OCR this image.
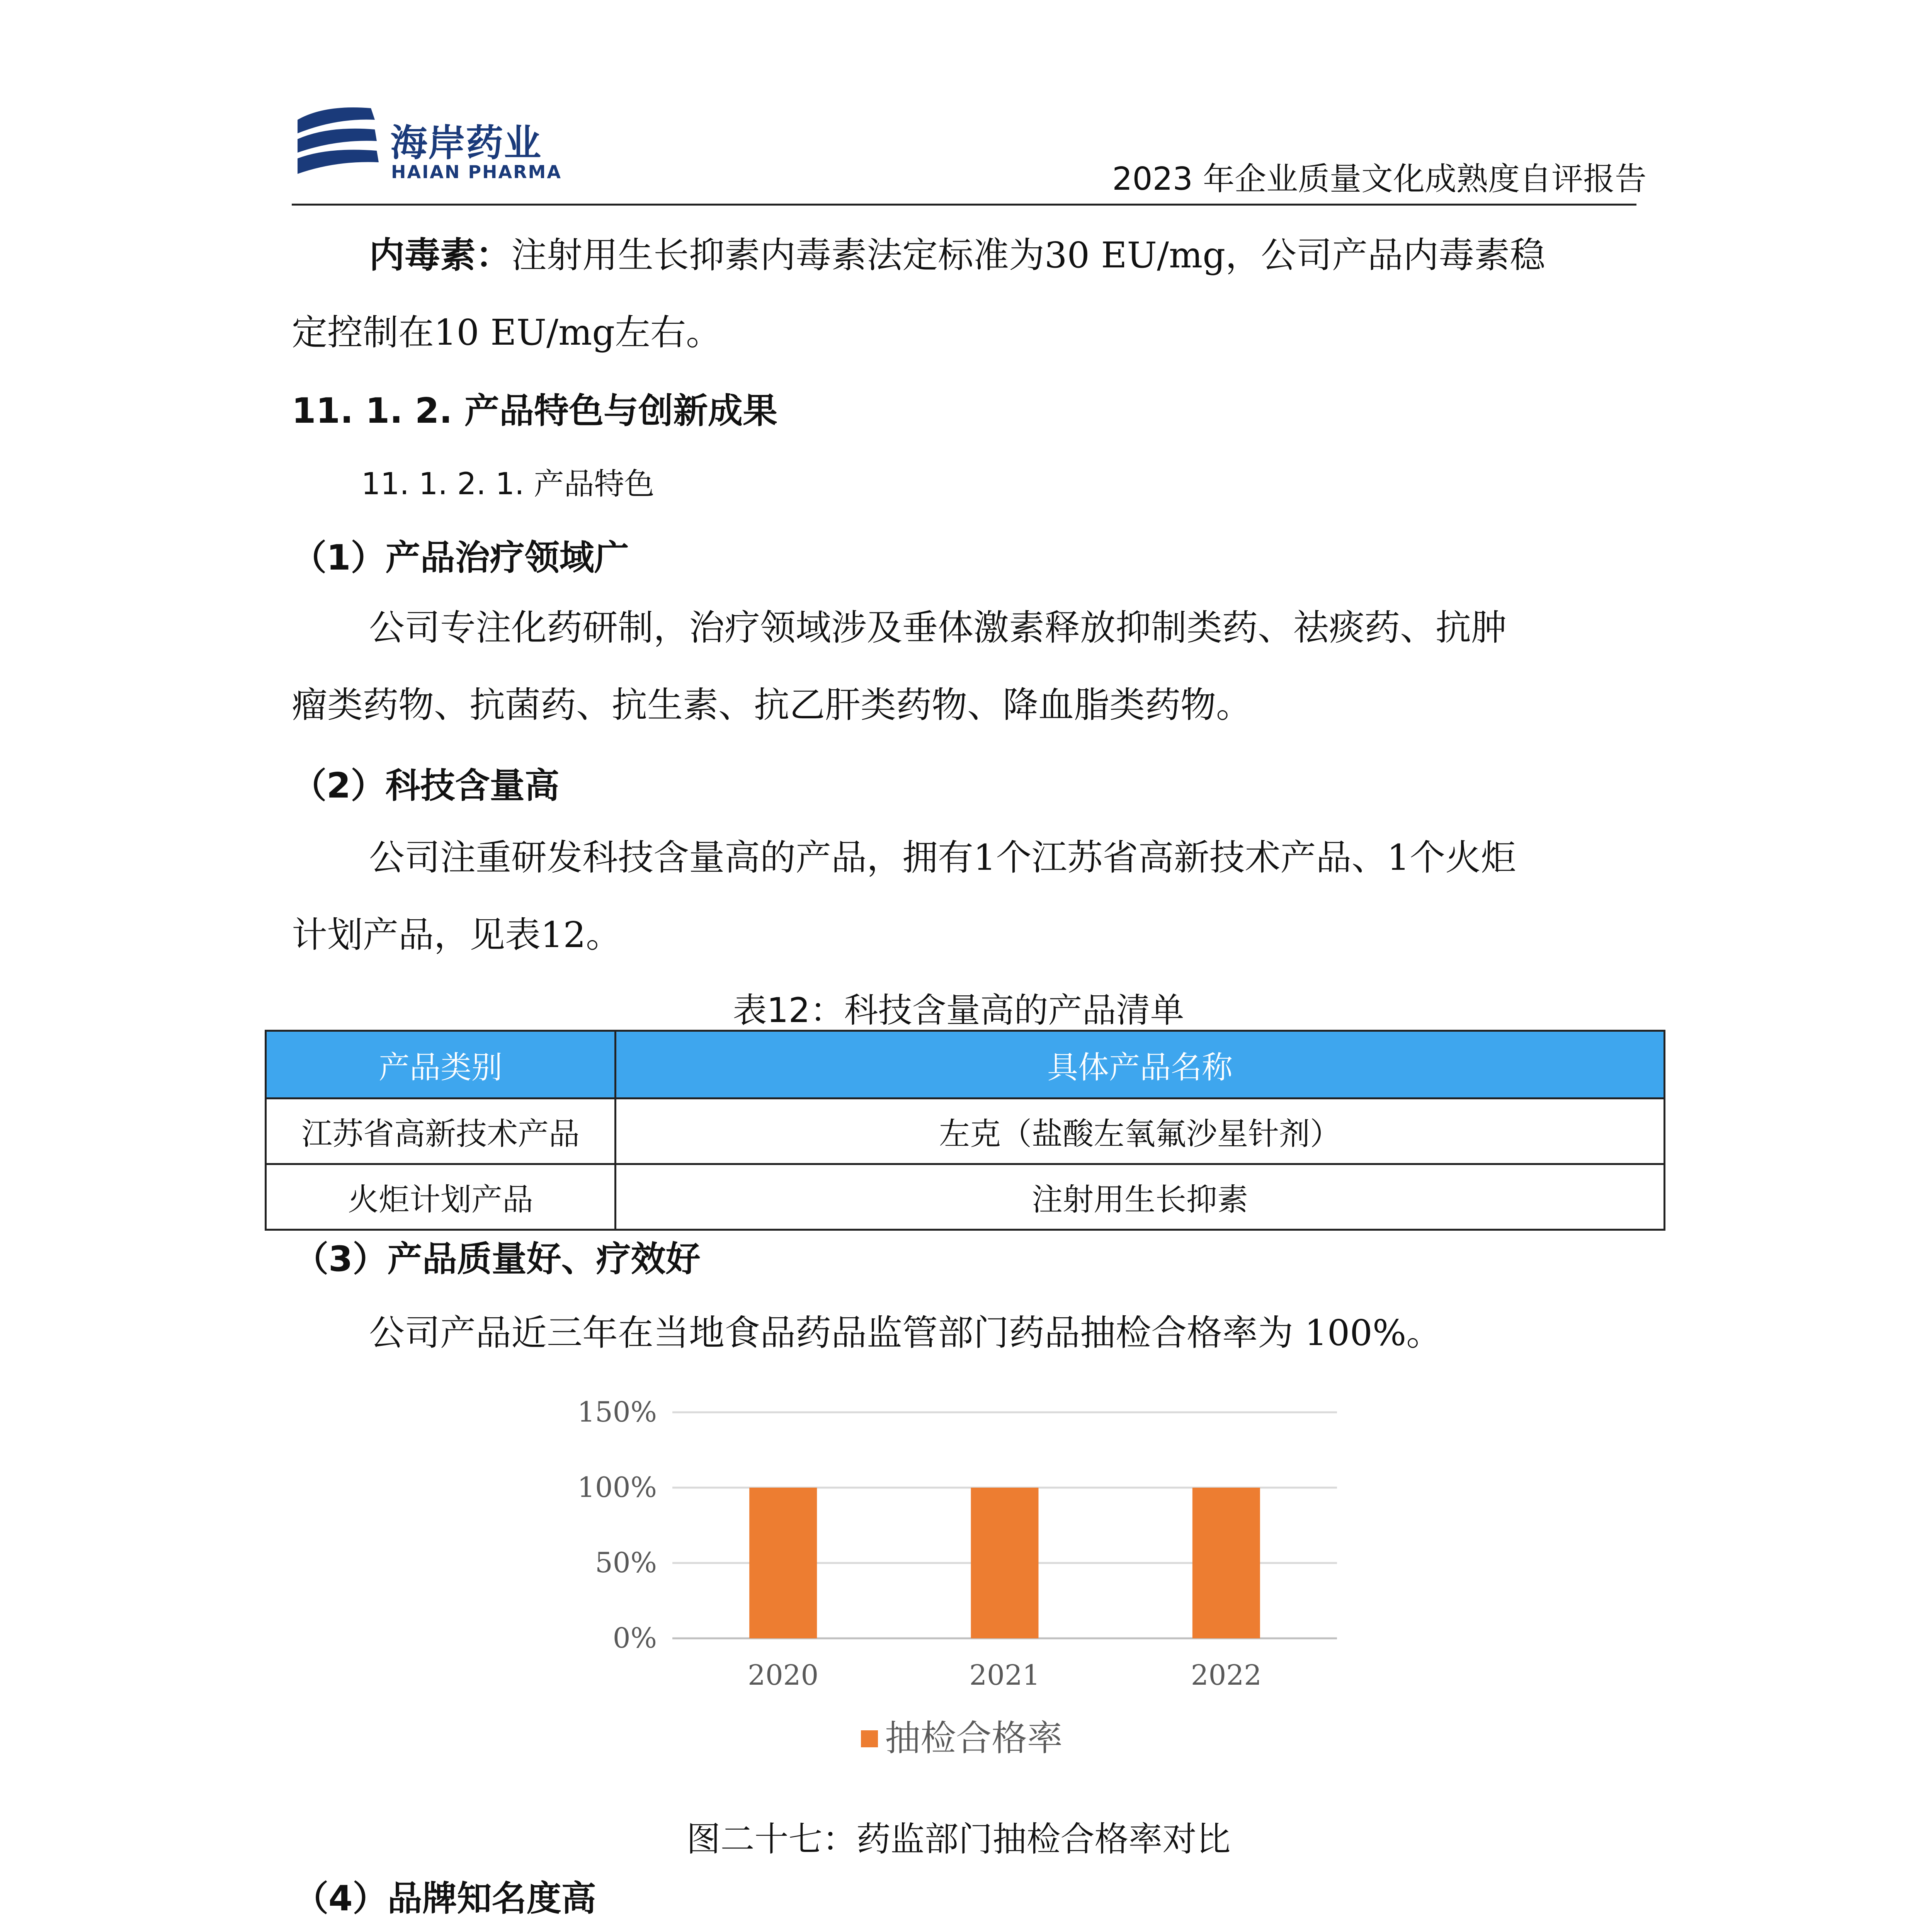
海岸药业
HAIAN PHARMA	2023 年企业质量文化成熟度自评报告
内毒素：注射用生长抑素内毒素法定标准为30 EU/mg，公司产品内毒素稳
定控制在10 EU/mg左右。
11. 1. 2. 产品特色与创新成果
11. 1. 2. 1. 产品特色
（1）产品治疗领域广
公司专注化药研制，治疗领域涉及垂体激素释放抑制类药、祛痰药、抗肿
瘤类药物、抗菌药、抗生素、抗乙肝类药物、降血脂类药物。
（2）科技含量高
公司注重研发科技含量高的产品，拥有1个江苏省高新技术产品、1个火炬
计划产品，见表12。
表12：科技含量高的产品清单
产品类别	具体产品名称
江苏省高新技术产品	左克（盐酸左氧氟沙星针剂）
火炬计划产品	注射用生长抑素
（3）产品质量好、疗效好
公司产品近三年在当地食品药品监管部门药品抽检合格率为 100%。
0%
50%
100%
150%
2020	2021	2022
抽检合格率
图二十七：药监部门抽检合格率对比
（4）品牌知名度高
